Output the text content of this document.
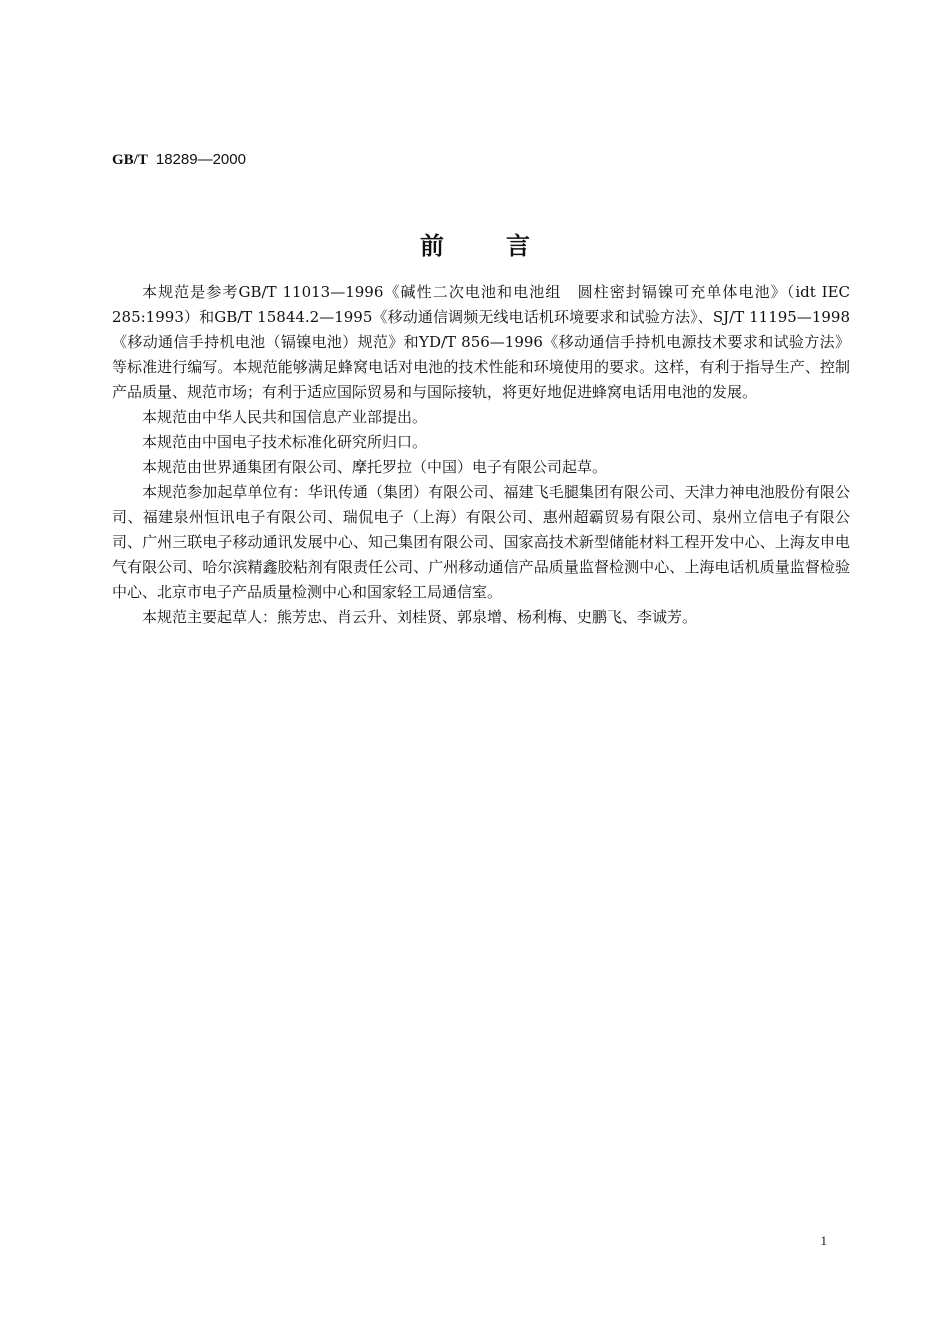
GB/T 18289—2000
前言

本规范是参考GB/T 11013—1996《碱性二次电池和电池组　圆柱密封镉镍可充单体电池》（idt IEC 285:1993）和GB/T 15844.2—1995《移动通信调频无线电话机环境要求和试验方法》、SJ/T 11195—1998《移动通信手持机电池（镉镍电池）规范》和YD/T 856—1996《移动通信手持机电源技术要求和试验方法》等标准进行编写。本规范能够满足蜂窝电话对电池的技术性能和环境使用的要求。这样，有利于指导生产、控制产品质量、规范市场；有利于适应国际贸易和与国际接轨，将更好地促进蜂窝电话用电池的发展。

本规范由中华人民共和国信息产业部提出。

本规范由中国电子技术标准化研究所归口。

本规范由世界通集团有限公司、摩托罗拉（中国）电子有限公司起草。

本规范参加起草单位有：华讯传通（集团）有限公司、福建飞毛腿集团有限公司、天津力神电池股份有限公司、福建泉州恒讯电子有限公司、瑞侃电子（上海）有限公司、惠州超霸贸易有限公司、泉州立信电子有限公司、广州三联电子移动通讯发展中心、知己集团有限公司、国家高技术新型储能材料工程开发中心、上海友申电气有限公司、哈尔滨精鑫胶粘剂有限责任公司、广州移动通信产品质量监督检测中心、上海电话机质量监督检验中心、北京市电子产品质量检测中心和国家轻工局通信室。

本规范主要起草人：熊芳忠、肖云升、刘桂贤、郭泉增、杨利梅、史鹏飞、李诚芳。

1
